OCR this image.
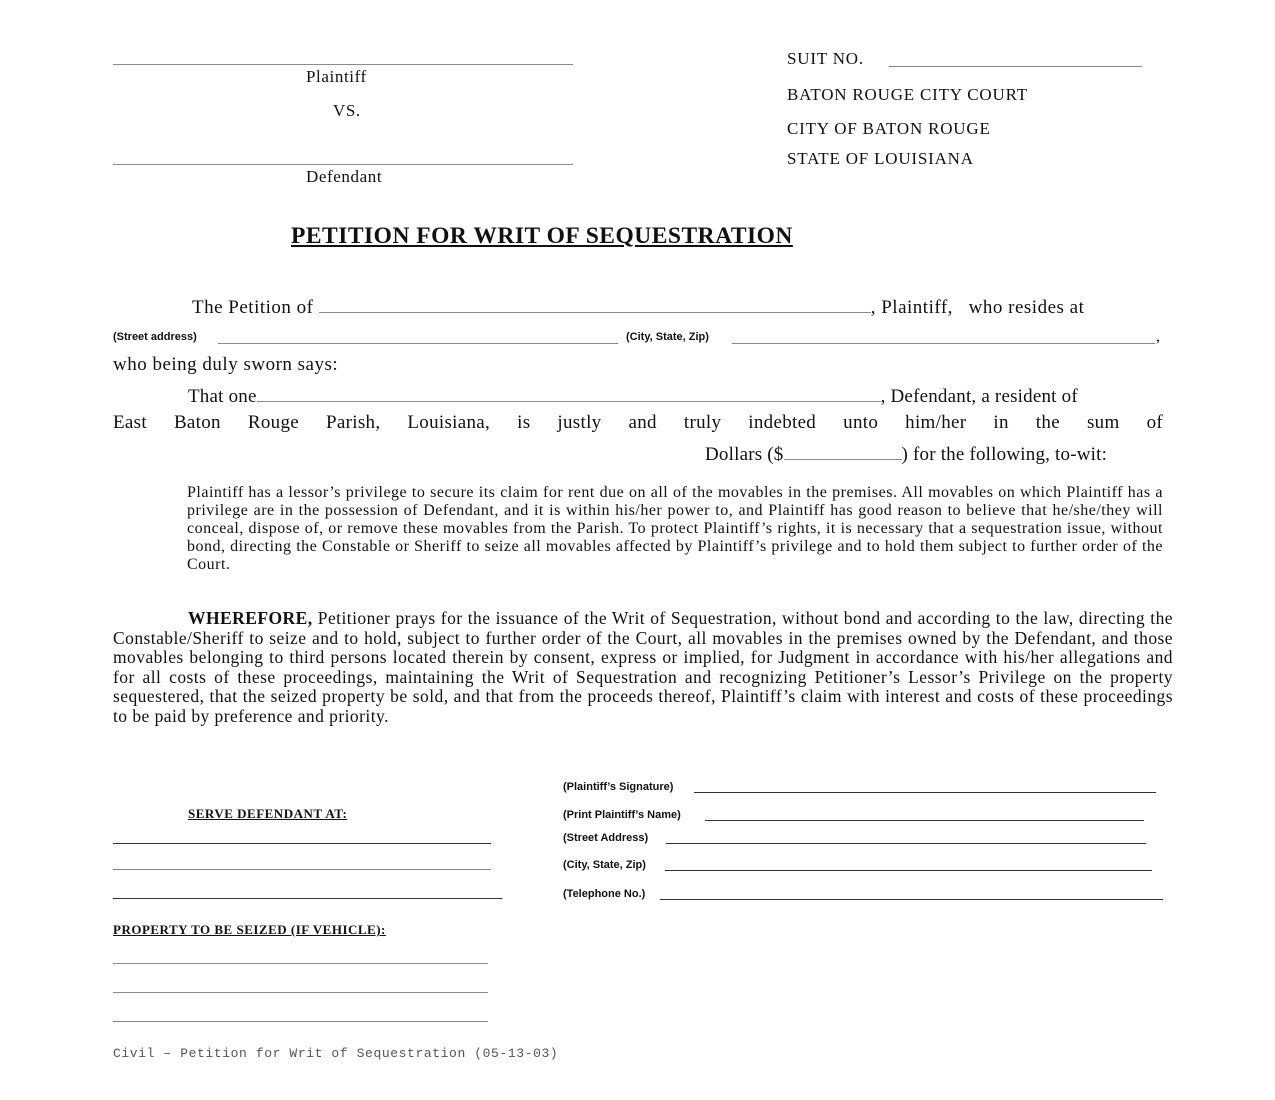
Plaintiff
VS.
Defendant
SUIT NO.
BATON ROUGE CITY COURT
CITY OF BATON ROUGE
STATE OF LOUISIANA
PETITION FOR WRIT OF SEQUESTRATION
The Petition of	, Plaintiff,   who resides at
(Street address)	(City, State, Zip)	,
who being duly sworn says:
That one	, Defendant, a resident of
East Baton Rouge Parish, Louisiana, is justly and truly indebted unto him/her in the sum of
Dollars ($	) for the following, to-wit:
Plaintiff has a lessor’s privilege to secure its claim for rent due on all of the movables in the premises. All movables on which Plaintiff has a privilege are in the possession of Defendant, and it is within his/her power to, and Plaintiff has good reason to believe that he/she/they will conceal, dispose of, or remove these movables from the Parish. To protect Plaintiff’s rights, it is necessary that a sequestration issue, without bond, directing the Constable or Sheriff to seize all movables affected by Plaintiff’s privilege and to hold them subject to further order of the Court.
WHEREFORE, Petitioner prays for the issuance of the Writ of Sequestration, without bond and according to the law, directing the Constable/Sheriff to seize and to hold, subject to further order of the Court, all movables in the premises owned by the Defendant, and those movables belonging to third persons located therein by consent, express or implied, for Judgment in accordance with his/her allegations and for all costs of these proceedings, maintaining the Writ of Sequestration and recognizing Petitioner’s Lessor’s Privilege on the property sequestered, that the seized property be sold, and that from the proceeds thereof, Plaintiff’s claim with interest and costs of these proceedings to be paid by preference and priority.
(Plaintiff’s Signature)
(Print Plaintiff’s Name)
(Street Address)
(City, State, Zip)
(Telephone No.)
SERVE DEFENDANT AT:
PROPERTY TO BE SEIZED (IF VEHICLE):
Civil – Petition for Writ of Sequestration (05-13-03)
